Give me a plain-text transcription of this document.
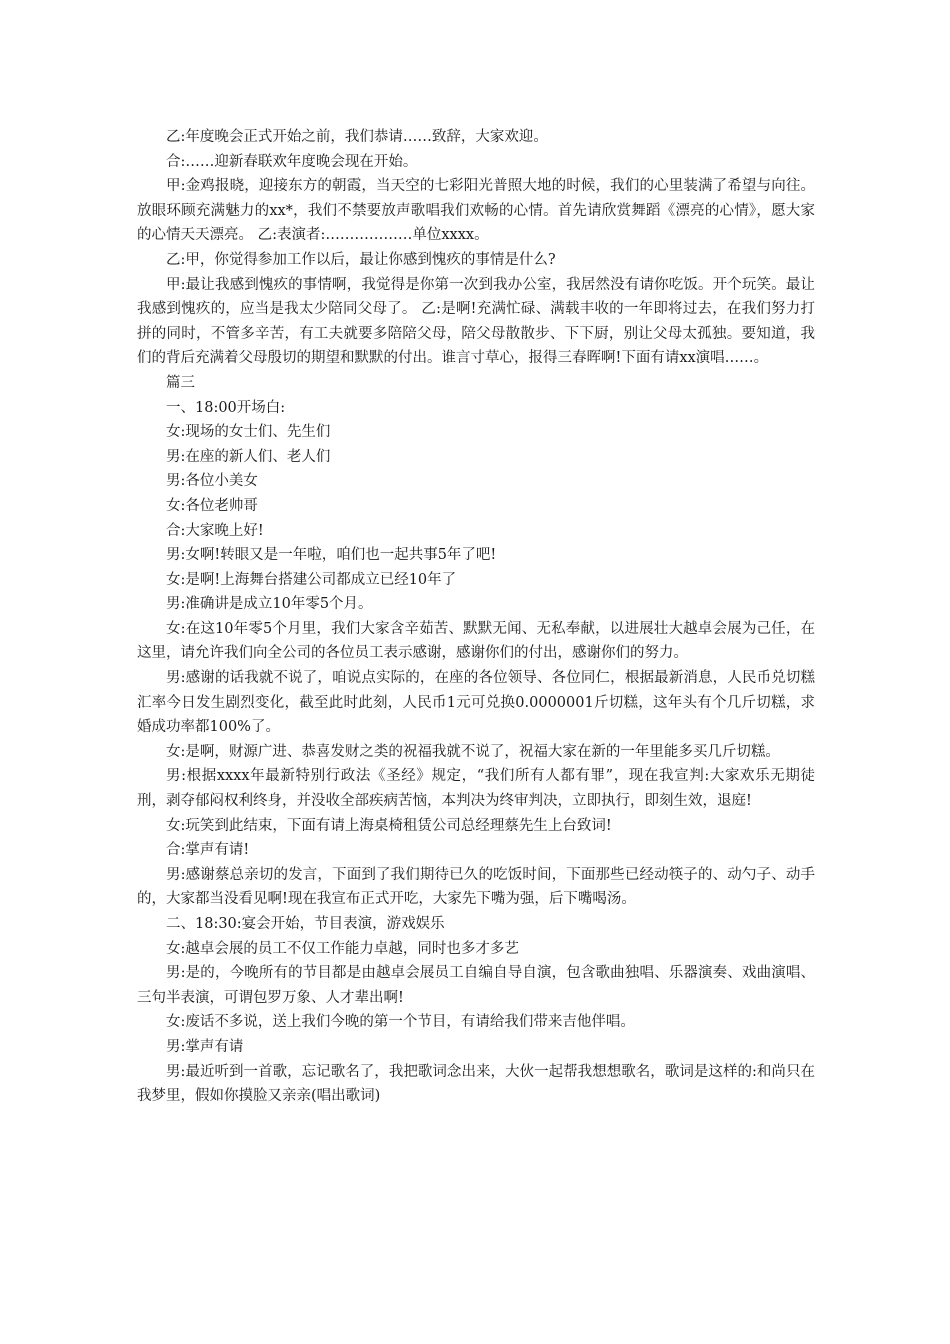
乙:年度晚会正式开始之前，我们恭请……致辞，大家欢迎。

合:……迎新春联欢年度晚会现在开始。

甲:金鸡报晓，迎接东方的朝霞，当天空的七彩阳光普照大地的时候，我们的心里装满了希望与向往。放眼环顾充满魅力的xx*，我们不禁要放声歌唱我们欢畅的心情。首先请欣赏舞蹈《漂亮的心情》，愿大家的心情天天漂亮。 乙:表演者:………………单位xxxx。

乙:甲，你觉得参加工作以后，最让你感到愧疚的事情是什么?

甲:最让我感到愧疚的事情啊，我觉得是你第一次到我办公室，我居然没有请你吃饭。开个玩笑。最让我感到愧疚的，应当是我太少陪同父母了。 乙:是啊!充满忙碌、满载丰收的一年即将过去，在我们努力打拼的同时，不管多辛苦，有工夫就要多陪陪父母，陪父母散散步、下下厨，别让父母太孤独。要知道，我们的背后充满着父母殷切的期望和默默的付出。谁言寸草心，报得三春晖啊!下面有请xx演唱……。

篇三

一、18:00开场白:

女:现场的女士们、先生们

男:在座的新人们、老人们

男:各位小美女

女:各位老帅哥

合:大家晚上好!

男:女啊!转眼又是一年啦，咱们也一起共事5年了吧!

女:是啊!上海舞台搭建公司都成立已经10年了

男:准确讲是成立10年零5个月。

女:在这10年零5个月里，我们大家含辛茹苦、默默无闻、无私奉献，以进展壮大越卓会展为己任，在这里，请允许我们向全公司的各位员工表示感谢，感谢你们的付出，感谢你们的努力。

男:感谢的话我就不说了，咱说点实际的，在座的各位领导、各位同仁，根据最新消息，人民币兑切糕汇率今日发生剧烈变化，截至此时此刻，人民币1元可兑换0.0000001斤切糕，这年头有个几斤切糕，求婚成功率都100%了。

女:是啊，财源广进、恭喜发财之类的祝福我就不说了，祝福大家在新的一年里能多买几斤切糕。

男:根据xxxx年最新特别行政法《圣经》规定，“我们所有人都有罪”，现在我宣判:大家欢乐无期徒刑，剥夺郁闷权利终身，并没收全部疾病苦恼，本判决为终审判决，立即执行，即刻生效，退庭!

女:玩笑到此结束，下面有请上海桌椅租赁公司总经理蔡先生上台致词!

合:掌声有请!

男:感谢蔡总亲切的发言，下面到了我们期待已久的吃饭时间，下面那些已经动筷子的、动勺子、动手的，大家都当没看见啊!现在我宣布正式开吃，大家先下嘴为强，后下嘴喝汤。

二、18:30:宴会开始，节目表演，游戏娱乐

女:越卓会展的员工不仅工作能力卓越，同时也多才多艺

男:是的，今晚所有的节目都是由越卓会展员工自编自导自演，包含歌曲独唱、乐器演奏、戏曲演唱、三句半表演，可谓包罗万象、人才辈出啊!

女:废话不多说，送上我们今晚的第一个节目，有请给我们带来吉他伴唱。

男:掌声有请

男:最近听到一首歌，忘记歌名了，我把歌词念出来，大伙一起帮我想想歌名，歌词是这样的:和尚只在我梦里，假如你摸脸又亲亲(唱出歌词)
